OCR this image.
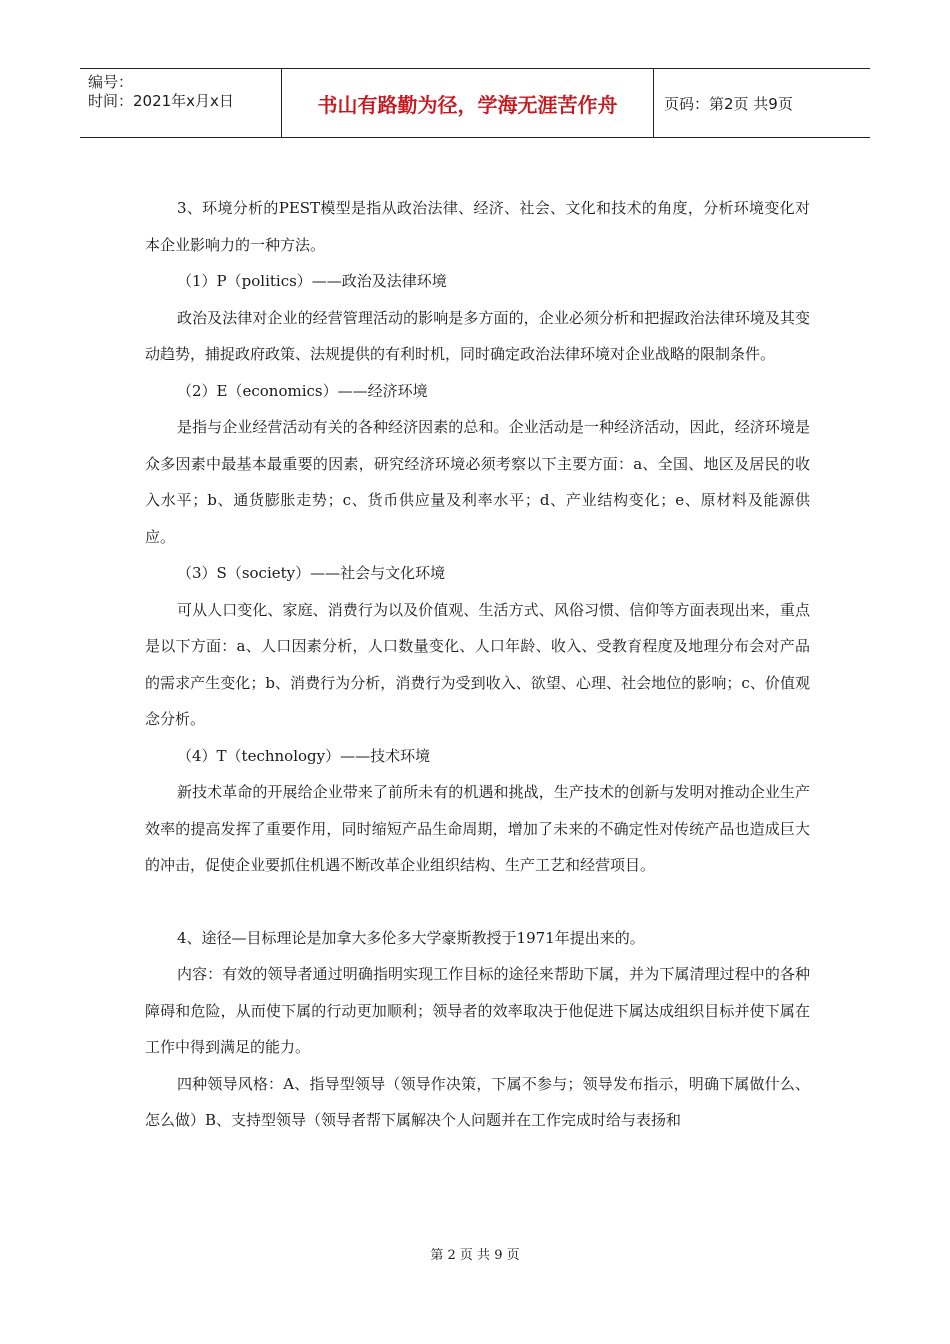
编号：
时间：2021年x月x日	书山有路勤为径，学海无涯苦作舟	页码：第2页 共9页

3、环境分析的PEST模型是指从政治法律、经济、社会、文化和技术的角度，分析环境变化对本企业影响力的一种方法。

（1）P（politics）——政治及法律环境

政治及法律对企业的经营管理活动的影响是多方面的，企业必须分析和把握政治法律环境及其变动趋势，捕捉政府政策、法规提供的有利时机，同时确定政治法律环境对企业战略的限制条件。

（2）E（economics）——经济环境

是指与企业经营活动有关的各种经济因素的总和。企业活动是一种经济活动，因此，经济环境是众多因素中最基本最重要的因素，研究经济环境必须考察以下主要方面：a、全国、地区及居民的收入水平；b、通货膨胀走势；c、货币供应量及利率水平；d、产业结构变化；e、原材料及能源供应。

（3）S（society）——社会与文化环境

可从人口变化、家庭、消费行为以及价值观、生活方式、风俗习惯、信仰等方面表现出来，重点是以下方面：a、人口因素分析，人口数量变化、人口年龄、收入、受教育程度及地理分布会对产品的需求产生变化；b、消费行为分析，消费行为受到收入、欲望、心理、社会地位的影响；c、价值观念分析。

（4）T（technology）——技术环境

新技术革命的开展给企业带来了前所未有的机遇和挑战，生产技术的创新与发明对推动企业生产效率的提高发挥了重要作用，同时缩短产品生命周期，增加了未来的不确定性对传统产品也造成巨大的冲击，促使企业要抓住机遇不断改革企业组织结构、生产工艺和经营项目。

4、途径—目标理论是加拿大多伦多大学豪斯教授于1971年提出来的。

内容：有效的领导者通过明确指明实现工作目标的途径来帮助下属，并为下属清理过程中的各种障碍和危险，从而使下属的行动更加顺利；领导者的效率取决于他促进下属达成组织目标并使下属在工作中得到满足的能力。

四种领导风格：A、指导型领导（领导作决策，下属不参与；领导发布指示，明确下属做什么、怎么做）B、支持型领导（领导者帮下属解决个人问题并在工作完成时给与表扬和

第 2 页 共 9 页
